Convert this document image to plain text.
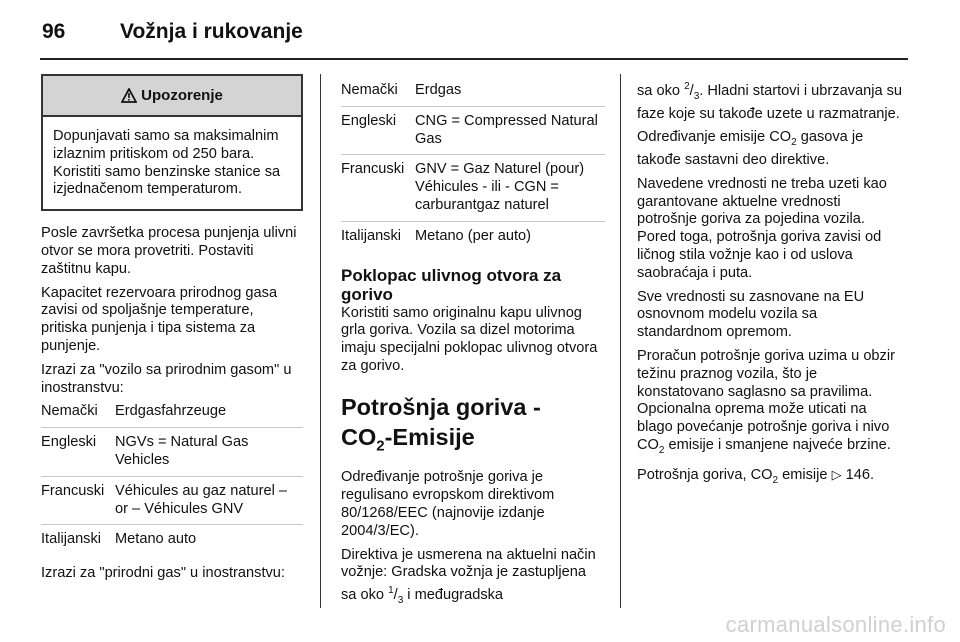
96	Vožnja i rukovanje
Upozorenje
Dopunjavati samo sa maksimalnim izlaznim pritiskom od 250 bara. Koristiti samo benzinske stanice sa izjednačenom temperaturom.

Posle završetka procesa punjenja ulivni otvor se mora provetriti. Postaviti zaštitnu kapu.

Kapacitet rezervoara prirodnog gasa zavisi od spoljašnje temperature, pritiska punjenja i tipa sistema za punjenje.

Izrazi za "vozilo sa prirodnim gasom" u inostranstvu:

Nemački	Erdgasfahrzeuge
Engleski	NGVs = Natural Gas Vehicles
Francuski	Véhicules au gaz naturel – or – Véhicules GNV
Italijanski	Metano auto

Izrazi za "prirodni gas" u inostranstvu:

Nemački	Erdgas
Engleski	CNG = Compressed Natural Gas
Francuski	GNV = Gaz Naturel (pour) Véhicules - ili - CGN = carburantgaz naturel
Italijanski	Metano (per auto)
Poklopac ulivnog otvora za gorivo

Koristiti samo originalnu kapu ulivnog grla goriva. Vozila sa dizel motorima imaju specijalni poklopac ulivnog otvora za gorivo.

Potrošnja goriva -
$CO_2$-Emisije

Određivanje potrošnje goriva je regulisano evropskom direktivom 80/1268/EEC (najnovije izdanje 2004/3/EC).

Direktiva je usmerena na aktuelni način vožnje: Gradska vožnja je zastupljena sa oko $^1/_3$ i međugradska

sa oko $^2/_3$. Hladni startovi i ubrzavanja su faze koje su takođe uzete u razmatranje.

Određivanje emisije $CO_2$ gasova je takođe sastavni deo direktive.

Navedene vrednosti ne treba uzeti kao garantovane aktuelne vrednosti potrošnje goriva za pojedina vozila. Pored toga, potrošnja goriva zavisi od ličnog stila vožnje kao i od uslova saobraćaja i puta.

Sve vrednosti su zasnovane na EU osnovnom modelu vozila sa standardnom opremom.

Proračun potrošnje goriva uzima u obzir težinu praznog vozila, što je konstatovano saglasno sa pravilima. Opcionalna oprema može uticati na blago povećanje potrošnje goriva i nivo $CO_2$ emisije i smanjene najveće brzine.

Potrošnja goriva, $CO_2$ emisije ▷ 146.

carmanualsonline.info
